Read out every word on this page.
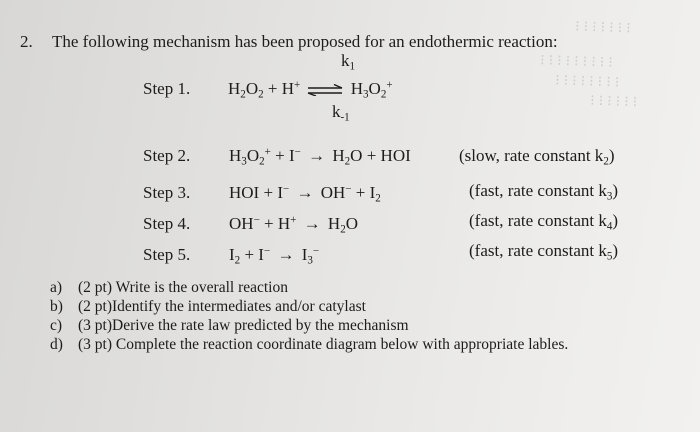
⁝ ⁝ ⁝ ⁝ ⁝ ⁝ ⁝
⁝ ⁝ ⁝ ⁝ ⁝ ⁝ ⁝ ⁝ ⁝
⁝ ⁝ ⁝ ⁝ ⁝ ⁝ ⁝ ⁝
⁝ ⁝ ⁝ ⁝ ⁝ ⁝
2. The following mechanism has been proposed for an endothermic reaction:
$k_1$
Step 1. $H_2O_2 + H^+$ ⇌ $H_3O_2^+$
$k_{-1}$
Step 2. $H_3O_2^+ + I^- \to H_2O$ + HOI	(slow, rate constant $k_2$)
Step 3. HOI + $I^- \to OH^- + I_2$	(fast, rate constant $k_3$)
Step 4. $OH^- + H^+ \to H_2O$	(fast, rate constant $k_4$)
Step 5. $I_2 + I^- \to I_3^-$	(fast, rate constant $k_5$)
a) (2 pt) Write is the overall reaction
b) (2 pt)Identify the intermediates and/or catylast
c) (3 pt)Derive the rate law predicted by the mechanism
d) (3 pt) Complete the reaction coordinate diagram below with appropriate lables.
